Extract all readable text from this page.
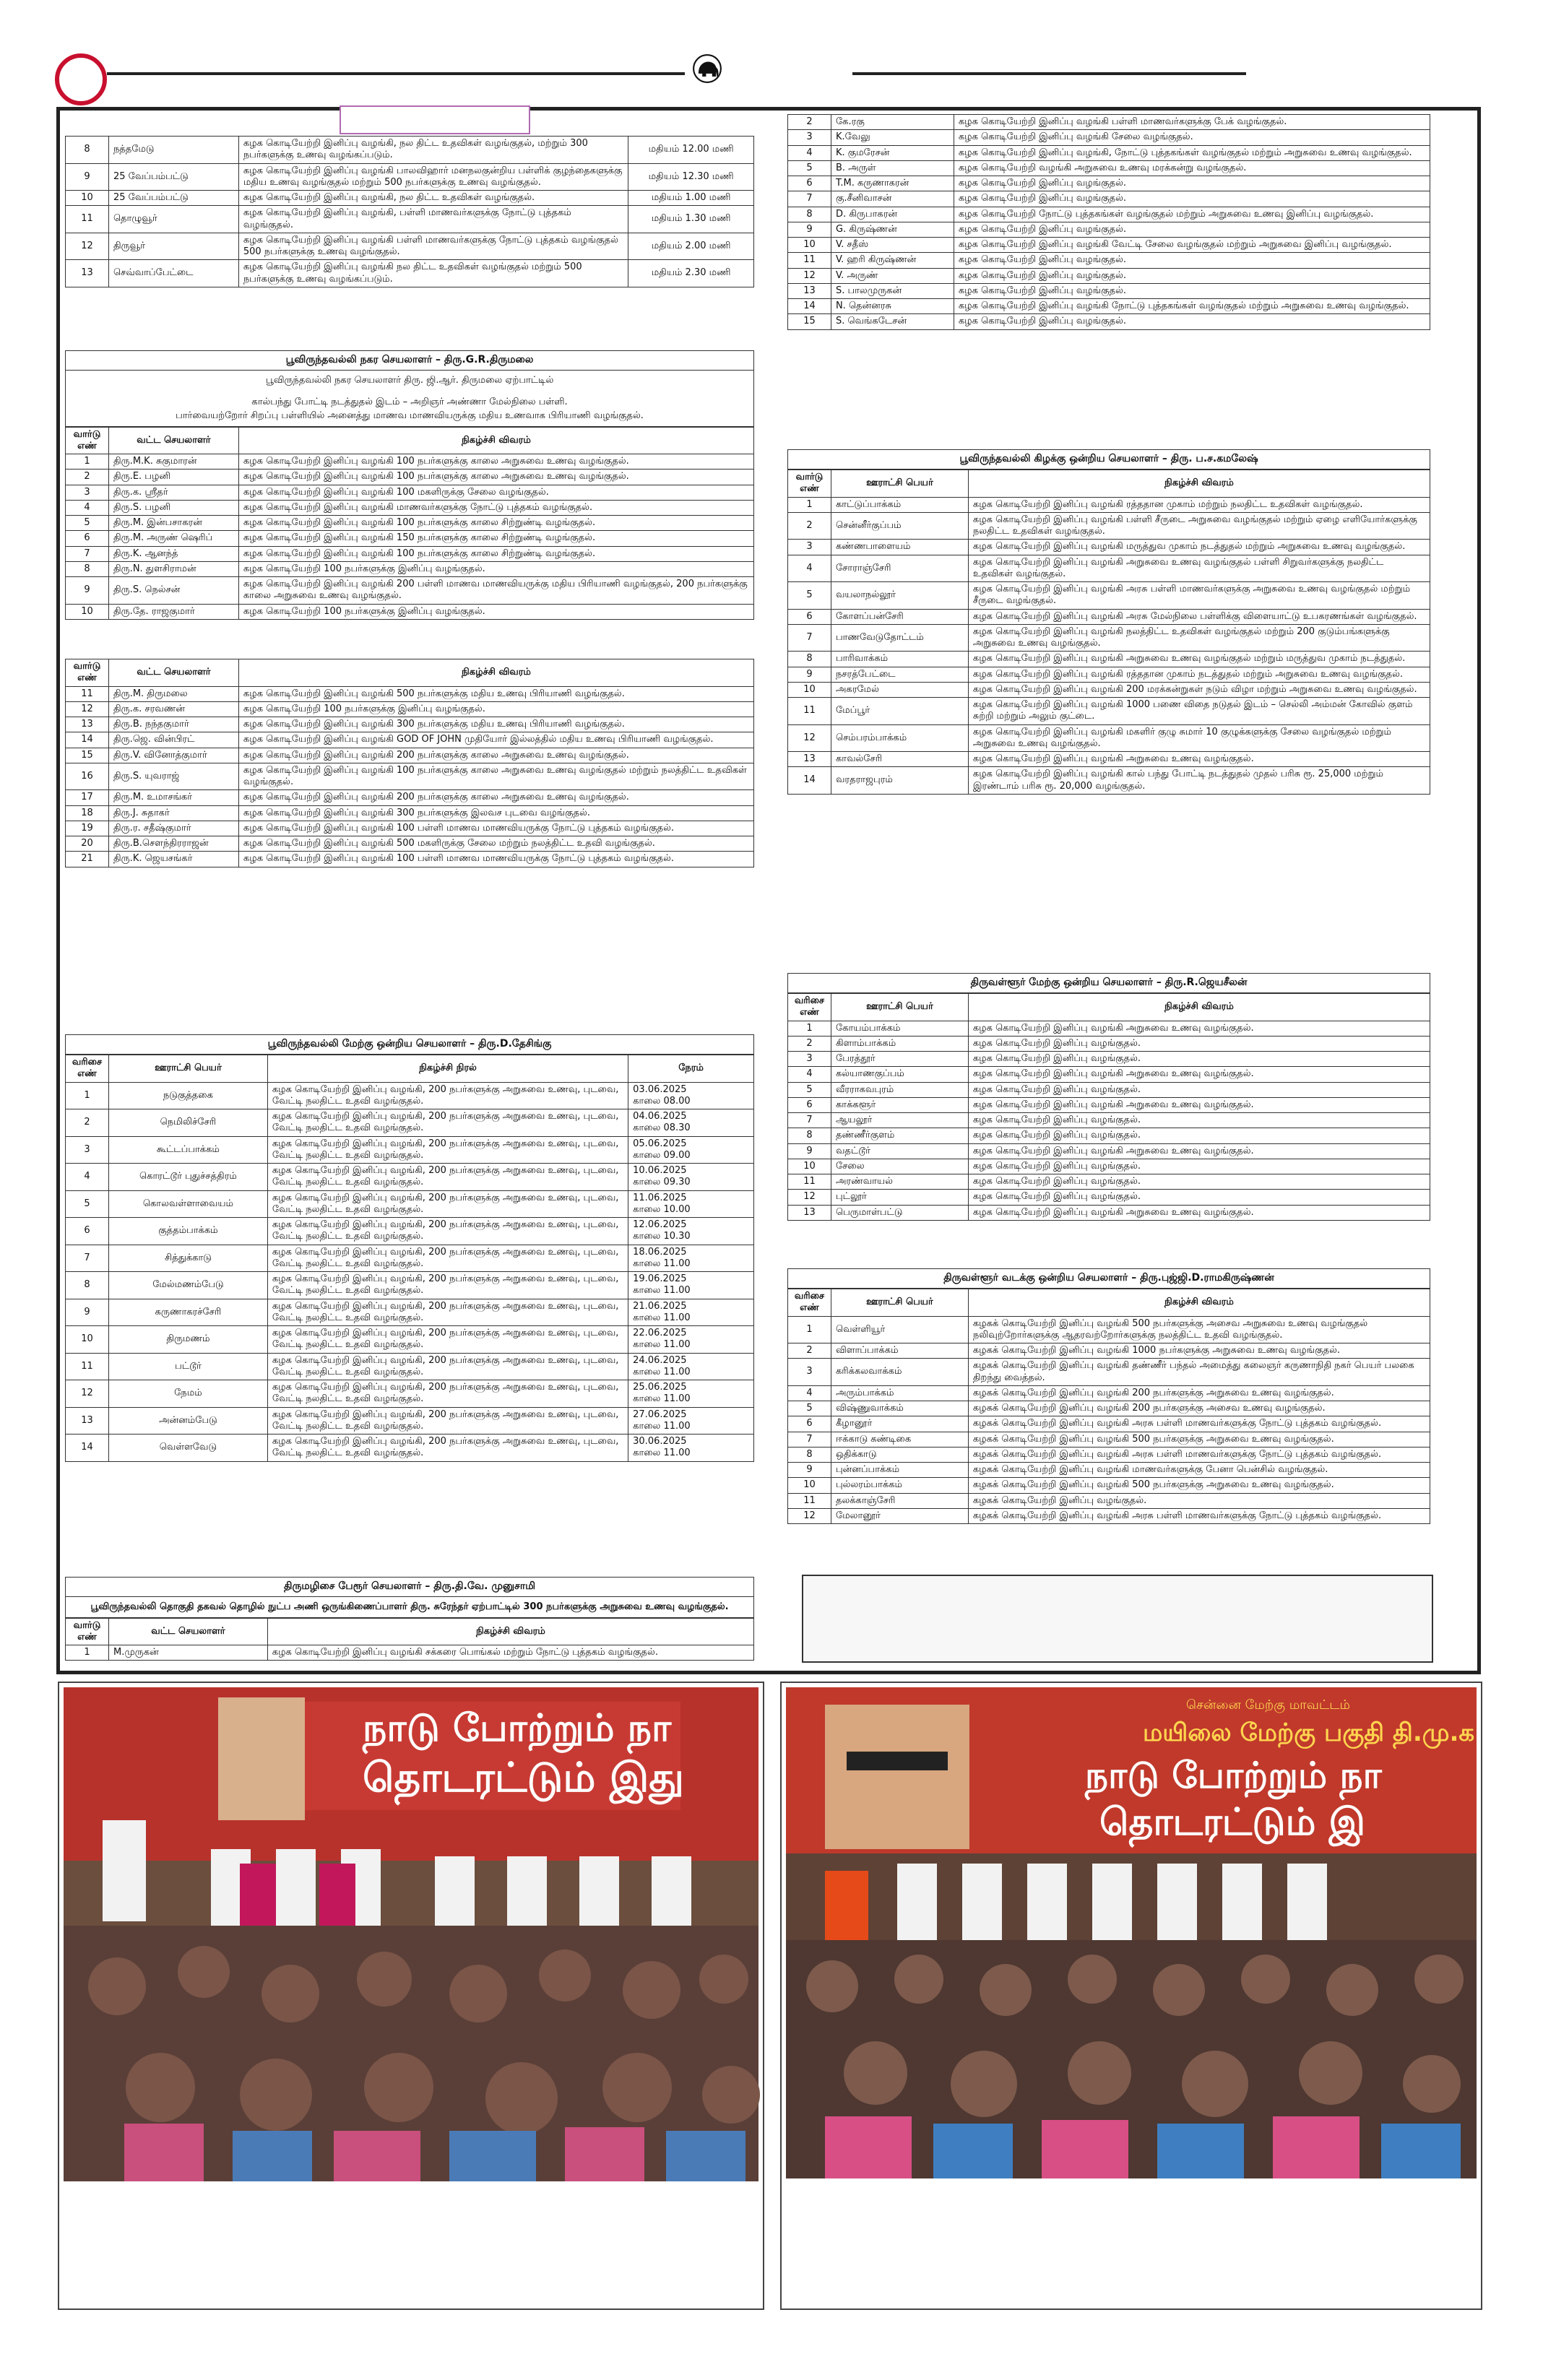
8	நத்தமேடு	கழக கொடியேற்றி இனிப்பு வழங்கி, நல திட்ட உதவிகள் வழங்குதல், மற்றும் 300 நபர்களுக்கு உணவு வழங்கப்படும்.	மதியம் 12.00 மணி
9	25 வேப்பம்பட்டு	கழக கொடியேற்றி இனிப்பு வழங்கி பாலவிஹார் மனநலகுன்றிய பள்ளிக் குழந்தைகளுக்கு மதிய உணவு வழங்குதல் மற்றும் 500 நபர்களுக்கு உணவு வழங்குதல்.	மதியம் 12.30 மணி
10	25 வேப்பம்பட்டு	கழக கொடியேற்றி இனிப்பு வழங்கி, நல திட்ட உதவிகள் வழங்குதல்.	மதியம் 1.00 மணி
11	தொழுவூர்	கழக கொடியேற்றி இனிப்பு வழங்கி, பள்ளி மாணவர்களுக்கு நோட்டு புத்தகம் வழங்குதல்.	மதியம் 1.30 மணி
12	திருவூர்	கழக கொடியேற்றி இனிப்பு வழங்கி பள்ளி மாணவர்களுக்கு நோட்டு புத்தகம் வழங்குதல் 500 நபர்களுக்கு உணவு வழங்குதல்.	மதியம் 2.00 மணி
13	செவ்வாப்பேட்டை	கழக கொடியேற்றி இனிப்பு வழங்கி நல திட்ட உதவிகள் வழங்குதல் மற்றும் 500 நபர்களுக்கு உணவு வழங்கப்படும்.	மதியம் 2.30 மணி
பூவிருந்தவல்லி நகர செயலாளர் – திரு.G.R.திருமலை
பூவிருந்தவல்லி நகர செயலாளர் திரு. ஜி.ஆர். திருமலை ஏற்பாட்டில்
கால்பந்து போட்டி நடத்துதல் இடம் – அறிஞர் அண்ணா மேல்நிலை பள்ளி.
பார்வையற்றோர் சிறப்பு பள்ளியில் அனைத்து மாணவ மாணவியருக்கு மதிய உணவாக பிரியாணி வழங்குதல்.
வார்டு எண்	வட்ட செயலாளர்	நிகழ்ச்சி விவரம்
1	திரு.M.K. சுகுமாரன்	கழக கொடியேற்றி இனிப்பு வழங்கி 100 நபர்களுக்கு காலை அறுசுவை உணவு வழங்குதல்.
2	திரு.E. பழனி	கழக கொடியேற்றி இனிப்பு வழங்கி 100 நபர்களுக்கு காலை அறுசுவை உணவு வழங்குதல்.
3	திரு.க. ஸ்ரீதர்	கழக கொடியேற்றி இனிப்பு வழங்கி 100 மகளிருக்கு சேலை வழங்குதல்.
4	திரு.S. பழனி	கழக கொடியேற்றி இனிப்பு வழங்கி மாணவர்களுக்கு நோட்டு புத்தகம் வழங்குதல்.
5	திரு.M. இன்பசாகரன்	கழக கொடியேற்றி இனிப்பு வழங்கி 100 நபர்களுக்கு காலை சிற்றுண்டி வழங்குதல்.
6	திரு.M. அருண் ஷெரிப்	கழக கொடியேற்றி இனிப்பு வழங்கி 150 நபர்களுக்கு காலை சிற்றுண்டி வழங்குதல்.
7	திரு.K. ஆனந்த்	கழக கொடியேற்றி இனிப்பு வழங்கி 100 நபர்களுக்கு காலை சிற்றுண்டி வழங்குதல்.
8	திரு.N. துளசிராமன்	கழக கொடியேற்றி 100 நபர்களுக்கு இனிப்பு வழங்குதல்.
9	திரு.S. நெல்சன்	கழக கொடியேற்றி இனிப்பு வழங்கி 200 பள்ளி மாணவ மாணவியருக்கு மதிய பிரியாணி வழங்குதல், 200 நபர்களுக்கு காலை அறுசுவை உணவு வழங்குதல்.
10	திரு.தே. ராஜகுமார்	கழக கொடியேற்றி 100 நபர்களுக்கு இனிப்பு வழங்குதல்.
வார்டு எண்	வட்ட செயலாளர்	நிகழ்ச்சி விவரம்
11	திரு.M. திருமலை	கழக கொடியேற்றி இனிப்பு வழங்கி 500 நபர்களுக்கு மதிய உணவு பிரியாணி வழங்குதல்.
12	திரு.க. சரவணன்	கழக கொடியேற்றி 100 நபர்களுக்கு இனிப்பு வழங்குதல்.
13	திரு.B. நந்தகுமார்	கழக கொடியேற்றி இனிப்பு வழங்கி 300 நபர்களுக்கு மதிய உணவு பிரியாணி வழங்குதல்.
14	திரு.ஜெ. வின்பிரட்	கழக கொடியேற்றி இனிப்பு வழங்கி GOD OF JOHN முதியோர் இல்லத்தில் மதிய உணவு பிரியாணி வழங்குதல்.
15	திரு.V. வினோத்குமார்	கழக கொடியேற்றி இனிப்பு வழங்கி 200 நபர்களுக்கு காலை அறுசுவை உணவு வழங்குதல்.
16	திரு.S. யுவராஜ்	கழக கொடியேற்றி இனிப்பு வழங்கி 100 நபர்களுக்கு காலை அறுசுவை உணவு வழங்குதல் மற்றும் நலத்திட்ட உதவிகள் வழங்குதல்.
17	திரு.M. உமாசங்கர்	கழக கொடியேற்றி இனிப்பு வழங்கி 200 நபர்களுக்கு காலை அறுசுவை உணவு வழங்குதல்.
18	திரு.J. சுதாகர்	கழக கொடியேற்றி இனிப்பு வழங்கி 300 நபர்களுக்கு இலவச புடவை வழங்குதல்.
19	திரு.ர. சதீஷ்குமார்	கழக கொடியேற்றி இனிப்பு வழங்கி 100 பள்ளி மாணவ மாணவியருக்கு நோட்டு புத்தகம் வழங்குதல்.
20	திரு.B.சௌந்திரராஜன்	கழக கொடியேற்றி இனிப்பு வழங்கி 500 மகளிருக்கு சேலை மற்றும் நலத்திட்ட உதவி வழங்குதல்.
21	திரு.K. ஜெயசங்கர்	கழக கொடியேற்றி இனிப்பு வழங்கி 100 பள்ளி மாணவ மாணவியருக்கு நோட்டு புத்தகம் வழங்குதல்.
பூவிருந்தவல்லி மேற்கு ஒன்றிய செயலாளர் – திரு.D.தேசிங்கு
வரிசை எண்	ஊராட்சி பெயர்	நிகழ்ச்சி நிரல்	நேரம்
1	நடுகுத்தகை	கழக கொடியேற்றி இனிப்பு வழங்கி, 200 நபர்களுக்கு அறுசுவை உணவு, புடவை, வேட்டி நலதிட்ட உதவி வழங்குதல்.	03.06.2025
காலை 08.00

2	நெமிலிச்சேரி	கழக கொடியேற்றி இனிப்பு வழங்கி, 200 நபர்களுக்கு அறுசுவை உணவு, புடவை, வேட்டி நலதிட்ட உதவி வழங்குதல்.	04.06.2025
காலை 08.30

3	கூட்டப்பாக்கம்	கழக கொடியேற்றி இனிப்பு வழங்கி, 200 நபர்களுக்கு அறுசுவை உணவு, புடவை, வேட்டி நலதிட்ட உதவி வழங்குதல்.	05.06.2025
காலை 09.00

4	கொரட்டூர் புதுச்சத்திரம்	கழக கொடியேற்றி இனிப்பு வழங்கி, 200 நபர்களுக்கு அறுசுவை உணவு, புடவை, வேட்டி நலதிட்ட உதவி வழங்குதல்.	10.06.2025
காலை 09.30

5	கொலவள்ளாவையம்	கழக கொடியேற்றி இனிப்பு வழங்கி, 200 நபர்களுக்கு அறுசுவை உணவு, புடவை, வேட்டி நலதிட்ட உதவி வழங்குதல்.	11.06.2025
காலை 10.00

6	குத்தம்பாக்கம்	கழக கொடியேற்றி இனிப்பு வழங்கி, 200 நபர்களுக்கு அறுசுவை உணவு, புடவை, வேட்டி நலதிட்ட உதவி வழங்குதல்.	12.06.2025
காலை 10.30

7	சித்துக்காடு	கழக கொடியேற்றி இனிப்பு வழங்கி, 200 நபர்களுக்கு அறுசுவை உணவு, புடவை, வேட்டி நலதிட்ட உதவி வழங்குதல்.	18.06.2025
காலை 11.00

8	மேல்மணம்பேடு	கழக கொடியேற்றி இனிப்பு வழங்கி, 200 நபர்களுக்கு அறுசுவை உணவு, புடவை, வேட்டி நலதிட்ட உதவி வழங்குதல்.	19.06.2025
காலை 11.00

9	கருணாகரச்சேரி	கழக கொடியேற்றி இனிப்பு வழங்கி, 200 நபர்களுக்கு அறுசுவை உணவு, புடவை, வேட்டி நலதிட்ட உதவி வழங்குதல்.	21.06.2025
காலை 11.00

10	திருமணம்	கழக கொடியேற்றி இனிப்பு வழங்கி, 200 நபர்களுக்கு அறுசுவை உணவு, புடவை, வேட்டி நலதிட்ட உதவி வழங்குதல்.	22.06.2025
காலை 11.00

11	பட்டூர்	கழக கொடியேற்றி இனிப்பு வழங்கி, 200 நபர்களுக்கு அறுசுவை உணவு, புடவை, வேட்டி நலதிட்ட உதவி வழங்குதல்.	24.06.2025
காலை 11.00

12	நேமம்	கழக கொடியேற்றி இனிப்பு வழங்கி, 200 நபர்களுக்கு அறுசுவை உணவு, புடவை, வேட்டி நலதிட்ட உதவி வழங்குதல்.	25.06.2025
காலை 11.00

13	அன்னம்பேடு	கழக கொடியேற்றி இனிப்பு வழங்கி, 200 நபர்களுக்கு அறுசுவை உணவு, புடவை, வேட்டி நலதிட்ட உதவி வழங்குதல்.	27.06.2025
காலை 11.00

14	வெள்ளவேடு	கழக கொடியேற்றி இனிப்பு வழங்கி, 200 நபர்களுக்கு அறுசுவை உணவு, புடவை, வேட்டி நலதிட்ட உதவி வழங்குதல்.	30.06.2025
காலை 11.00
திருமழிசை பேரூர் செயலாளர் – திரு.தி.வே. முனுசாமி
பூவிருந்தவல்லி தொகுதி தகவல் தொழில் நுட்ப அணி ஒருங்கிணைப்பாளர் திரு. சுரேந்தர் ஏற்பாட்டில் 300 நபர்களுக்கு அறுசுவை உணவு வழங்குதல்.
வார்டு எண்	வட்ட செயலாளர்	நிகழ்ச்சி விவரம்
1	M.முருகன்	கழக கொடியேற்றி இனிப்பு வழங்கி சக்கரை பொங்கல் மற்றும் நோட்டு புத்தகம் வழங்குதல்.
2	கே.ரகு	கழக கொடியேற்றி இனிப்பு வழங்கி பள்ளி மாணவர்களுக்கு பேக் வழங்குதல்.
3	K.வேலு	கழக கொடியேற்றி இனிப்பு வழங்கி சேலை வழங்குதல்.
4	K. குமரேசன்	கழக கொடியேற்றி இனிப்பு வழங்கி, நோட்டு புத்தகங்கள் வழங்குதல் மற்றும் அறுசுவை உணவு வழங்குதல்.
5	B. அருள்	கழக கொடியேற்றி வழங்கி அறுசுவை உணவு மரக்கன்று வழங்குதல்.
6	T.M. கருணாகரன்	கழக கொடியேற்றி இனிப்பு வழங்குதல்.
7	கு.சீனிவாசன்	கழக கொடியேற்றி இனிப்பு வழங்குதல்.
8	D. கிருபாகரன்	கழக கொடியேற்றி நோட்டு புத்தகங்கள் வழங்குதல் மற்றும் அறுசுவை உணவு இனிப்பு வழங்குதல்.
9	G. கிருஷ்ணன்	கழக கொடியேற்றி இனிப்பு வழங்குதல்.
10	V. சதீஸ்	கழக கொடியேற்றி இனிப்பு வழங்கி வேட்டி சேலை வழங்குதல் மற்றும் அறுசுவை இனிப்பு வழங்குதல்.
11	V. ஹரி கிருஷ்ணன்	கழக கொடியேற்றி இனிப்பு வழங்குதல்.
12	V. அருண்	கழக கொடியேற்றி இனிப்பு வழங்குதல்.
13	S. பாலமுருகன்	கழக கொடியேற்றி இனிப்பு வழங்குதல்.
14	N. தென்னரசு	கழக கொடியேற்றி இனிப்பு வழங்கி நோட்டு புத்தகங்கள் வழங்குதல் மற்றும் அறுசுவை உணவு வழங்குதல்.
15	S. வெங்கடேசன்	கழக கொடியேற்றி இனிப்பு வழங்குதல்.
பூவிருந்தவல்லி கிழக்கு ஒன்றிய செயலாளர் – திரு. ப.ச.கமலேஷ்
வார்டு எண்	ஊராட்சி பெயர்	நிகழ்ச்சி விவரம்
1	காட்டுப்பாக்கம்	கழக கொடியேற்றி இனிப்பு வழங்கி ரத்ததான முகாம் மற்றும் நலதிட்ட உதவிகள் வழங்குதல்.
2	சென்னீர்குப்பம்	கழக கொடியேற்றி இனிப்பு வழங்கி பள்ளி சீருடை அறுசுவை வழங்குதல் மற்றும் ஏழை எளியோர்களுக்கு நலதிட்ட உதவிகள் வழங்குதல்.
3	கண்ணபாளையம்	கழக கொடியேற்றி இனிப்பு வழங்கி மருத்துவ முகாம் நடத்துதல் மற்றும் அறுசுவை உணவு வழங்குதல்.
4	சோராஞ்சேரி	கழக கொடியேற்றி இனிப்பு வழங்கி அறுசுவை உணவு வழங்குதல் பள்ளி சிறுவர்களுக்கு நலதிட்ட உதவிகள் வழங்குதல்.
5	வயலாநல்லூர்	கழக கொடியேற்றி இனிப்பு வழங்கி அரசு பள்ளி மாணவர்களுக்கு அறுசுவை உணவு வழங்குதல் மற்றும் சீருடை வழங்குதல்.
6	கோளப்பன்சேரி	கழக கொடியேற்றி இனிப்பு வழங்கி அரசு மேல்நிலை பள்ளிக்கு விளையாட்டு உபகரணங்கள் வழங்குதல்.
7	பாணவேடுதோட்டம்	கழக கொடியேற்றி இனிப்பு வழங்கி நலத்திட்ட உதவிகள் வழங்குதல் மற்றும் 200 குடும்பங்களுக்கு அறுசுவை உணவு வழங்குதல்.
8	பாரிவாக்கம்	கழக கொடியேற்றி இனிப்பு வழங்கி அறுசுவை உணவு வழங்குதல் மற்றும் மருத்துவ முகாம் நடத்துதல்.
9	நசரத்பேட்டை	கழக கொடியேற்றி இனிப்பு வழங்கி ரத்ததான முகாம் நடத்துதல் மற்றும் அறுசுவை உணவு வழங்குதல்.
10	அகரமேல்	கழக கொடியேற்றி இனிப்பு வழங்கி 200 மரக்கன்றுகள் நடும் விழா மற்றும் அறுசுவை உணவு வழங்குதல்.
11	மேப்பூர்	கழக கொடியேற்றி இனிப்பு வழங்கி 1000 பணை விதை நடுதல் இடம் – செல்லி அம்மன் கோவில் குளம் சுற்றி மற்றும் அலும் குட்டை.
12	செம்பரம்பாக்கம்	கழக கொடியேற்றி இனிப்பு வழங்கி மகளிர் குழு சுமார் 10 குழுக்களுக்கு சேலை வழங்குதல் மற்றும் அறுசுவை உணவு வழங்குதல்.
13	காவல்சேரி	கழக கொடியேற்றி இனிப்பு வழங்கி அறுசுவை உணவு வழங்குதல்.
14	வரதராஜபுரம்	கழக கொடியேற்றி இனிப்பு வழங்கி கால் பந்து போட்டி நடத்துதல் முதல் பரிசு ரூ. 25,000 மற்றும் இரண்டாம் பரிசு ரூ. 20,000 வழங்குதல்.
திருவள்ளூர் மேற்கு ஒன்றிய செயலாளர் – திரு.R.ஜெயசீலன்
வரிசை எண்	ஊராட்சி பெயர்	நிகழ்ச்சி விவரம்
1	கோயம்பாக்கம்	கழக கொடியேற்றி இனிப்பு வழங்கி அறுசுவை உணவு வழங்குதல்.
2	கிளாம்பாக்கம்	கழக கொடியேற்றி இனிப்பு வழங்குதல்.
3	பேரத்தூர்	கழக கொடியேற்றி இனிப்பு வழங்குதல்.
4	கல்யாணகுப்பம்	கழக கொடியேற்றி இனிப்பு வழங்கி அறுசுவை உணவு வழங்குதல்.
5	வீரராகவபுரம்	கழக கொடியேற்றி இனிப்பு வழங்குதல்.
6	காக்களூர்	கழக கொடியேற்றி இனிப்பு வழங்கி அறுசுவை உணவு வழங்குதல்.
7	ஆயலூர்	கழக கொடியேற்றி இனிப்பு வழங்குதல்.
8	தண்ணீர்குளம்	கழக கொடியேற்றி இனிப்பு வழங்குதல்.
9	வதட்டூர்	கழக கொடியேற்றி இனிப்பு வழங்கி அறுசுவை உணவு வழங்குதல்.
10	சேலை	கழக கொடியேற்றி இனிப்பு வழங்குதல்.
11	அரண்வாயல்	கழக கொடியேற்றி இனிப்பு வழங்குதல்.
12	புட்லூர்	கழக கொடியேற்றி இனிப்பு வழங்குதல்.
13	பெருமாள்பட்டு	கழக கொடியேற்றி இனிப்பு வழங்கி அறுசுவை உணவு வழங்குதல்.
திருவள்ளூர் வடக்கு ஒன்றிய செயலாளர் – திரு.புஜ்ஜி.D.ராமகிருஷ்ணன்
வரிசை எண்	ஊராட்சி பெயர்	நிகழ்ச்சி விவரம்
1	வெள்ளியூர்	கழகக் கொடியேற்றி இனிப்பு வழங்கி 500 நபர்களுக்கு அசைவ அறுசுவை உணவு வழங்குதல் நலிவுற்றோர்களுக்கு ஆதரவற்றோர்களுக்கு நலத்திட்ட உதவி வழங்குதல்.
2	விளாப்பாக்கம்	கழகக் கொடியேற்றி இனிப்பு வழங்கி 1000 நபர்களுக்கு அறுசுவை உணவு வழங்குதல்.
3	கரிக்கலவாக்கம்	கழகக் கொடியேற்றி இனிப்பு வழங்கி தண்ணீர் பந்தல் அமைத்து கலைஞர் கருணாநிதி நகர் பெயர் பலகை திறந்து வைத்தல்.
4	அரும்பாக்கம்	கழகக் கொடியேற்றி இனிப்பு வழங்கி 200 நபர்களுக்கு அறுசுவை உணவு வழங்குதல்.
5	விஷ்ணுவாக்கம்	கழகக் கொடியேற்றி இனிப்பு வழங்கி 200 நபர்களுக்கு அசைவ உணவு வழங்குதல்.
6	கீழானூர்	கழகக் கொடியேற்றி இனிப்பு வழங்கி அரசு பள்ளி மாணவர்களுக்கு நோட்டு புத்தகம் வழங்குதல்.
7	ஈக்காடு கண்டிகை	கழகக் கொடியேற்றி இனிப்பு வழங்கி 500 நபர்களுக்கு அறுசுவை உணவு வழங்குதல்.
8	ஒதிக்காடு	கழகக் கொடியேற்றி இனிப்பு வழங்கி அரசு பள்ளி மாணவர்களுக்கு நோட்டு புத்தகம் வழங்குதல்.
9	புன்னப்பாக்கம்	கழகக் கொடியேற்றி இனிப்பு வழங்கி மாணவர்களுக்கு பேனா பென்சில் வழங்குதல்.
10	புல்லரம்பாக்கம்	கழகக் கொடியேற்றி இனிப்பு வழங்கி 500 நபர்களுக்கு அறுசுவை உணவு வழங்குதல்.
11	தலக்காஞ்சேரி	கழகக் கொடியேற்றி இனிப்பு வழங்குதல்.
12	மேலானூர்	கழகக் கொடியேற்றி இனிப்பு வழங்கி அரசு பள்ளி மாணவர்களுக்கு நோட்டு புத்தகம் வழங்குதல்.
நாடு போற்றும் நா
தொடரட்டும் இது
சென்னை மேற்கு மாவட்டம்
மயிலை மேற்கு பகுதி தி.மு.க
நாடு போற்றும் நா
தொடரட்டும் இ
